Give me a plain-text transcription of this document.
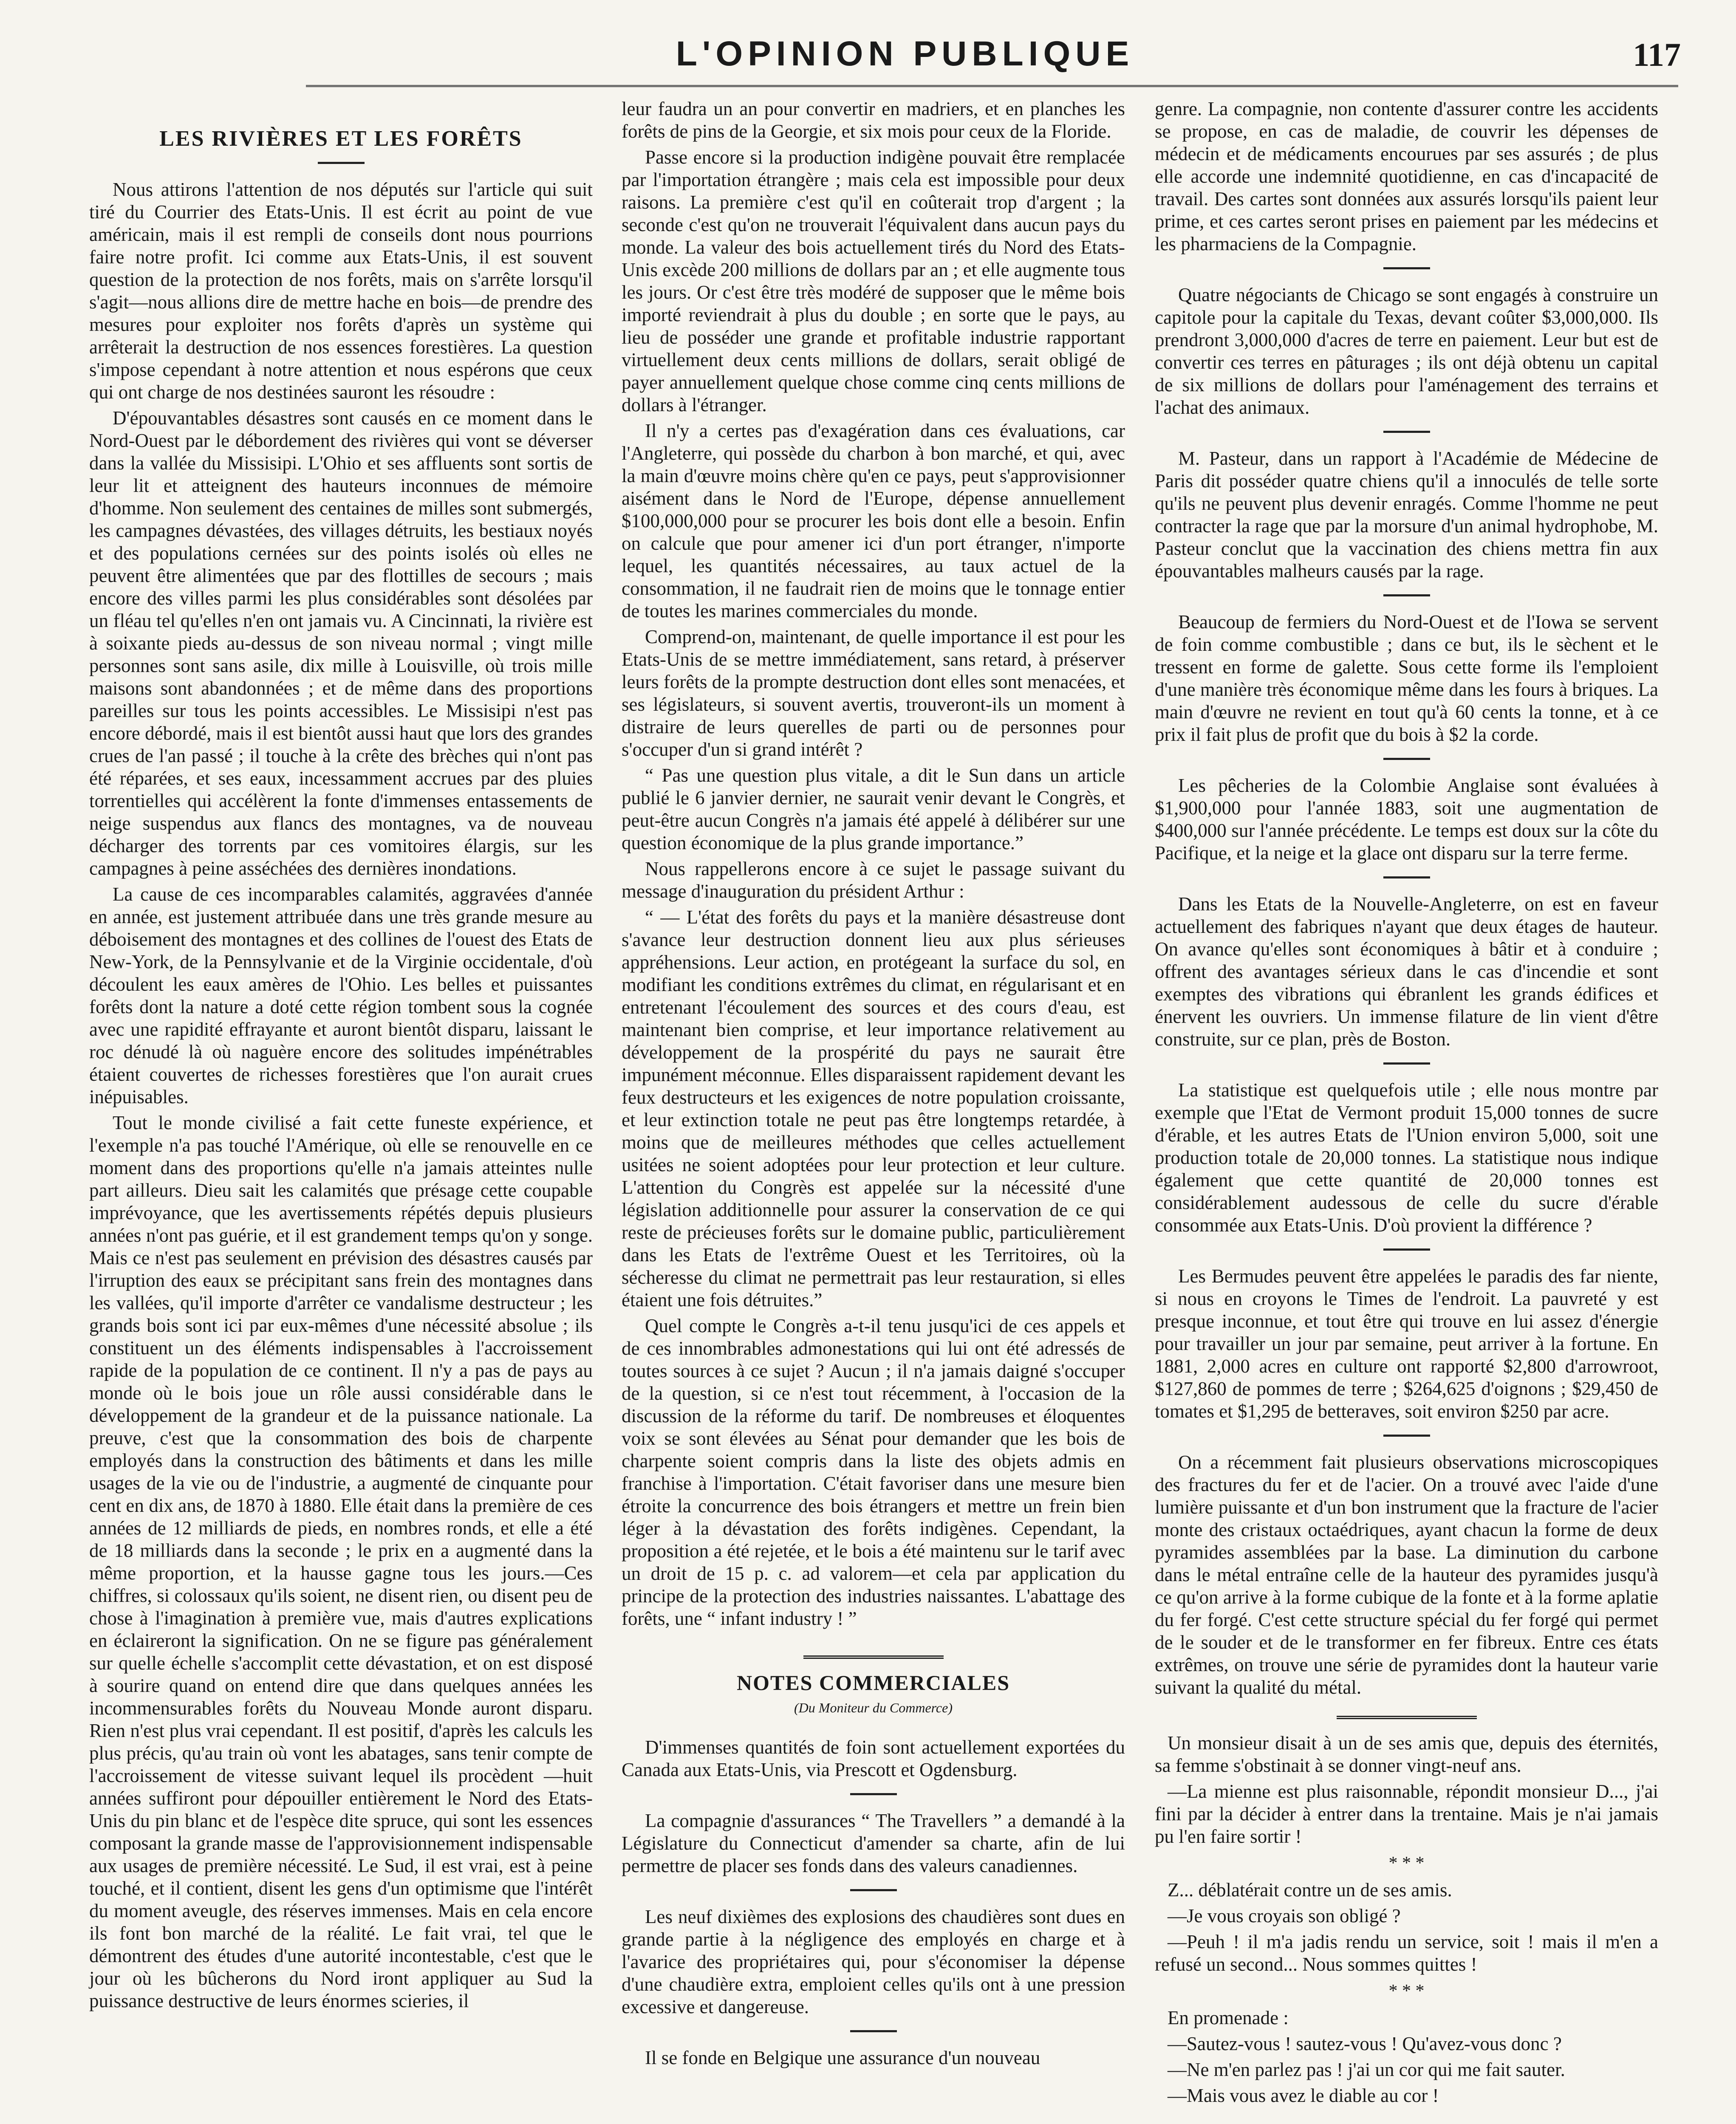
L'OPINION PUBLIQUE	117
LES RIVIÈRES ET LES FORÊTS

Nous attirons l'attention de nos députés sur l'article qui suit tiré du Courrier des Etats-Unis. Il est écrit au point de vue américain, mais il est rempli de conseils dont nous pourrions faire notre profit. Ici comme aux Etats-Unis, il est souvent question de la protection de nos forêts, mais on s'arrête lorsqu'il s'agit—nous allions dire de mettre hache en bois—de prendre des mesures pour exploiter nos forêts d'après un système qui arrêterait la destruction de nos essences forestières. La question s'impose cependant à notre attention et nous espérons que ceux qui ont charge de nos destinées sauront les résoudre :

D'épouvantables désastres sont causés en ce moment dans le Nord-Ouest par le débordement des rivières qui vont se déverser dans la vallée du Missisipi. L'Ohio et ses affluents sont sortis de leur lit et atteignent des hauteurs inconnues de mémoire d'homme. Non seulement des centaines de milles sont submergés, les campagnes dévastées, des villages détruits, les bestiaux noyés et des populations cernées sur des points isolés où elles ne peuvent être alimentées que par des flottilles de secours ; mais encore des villes parmi les plus considérables sont désolées par un fléau tel qu'elles n'en ont jamais vu. A Cincinnati, la rivière est à soixante pieds au-dessus de son niveau normal ; vingt mille personnes sont sans asile, dix mille à Louisville, où trois mille maisons sont abandonnées ; et de même dans des proportions pareilles sur tous les points accessibles. Le Missisipi n'est pas encore débordé, mais il est bientôt aussi haut que lors des grandes crues de l'an passé ; il touche à la crête des brèches qui n'ont pas été réparées, et ses eaux, incessamment accrues par des pluies torrentielles qui accélèrent la fonte d'immenses entassements de neige suspendus aux flancs des montagnes, va de nouveau décharger des torrents par ces vomitoires élargis, sur les campagnes à peine asséchées des dernières inondations.

La cause de ces incomparables calamités, aggravées d'année en année, est justement attribuée dans une très grande mesure au déboisement des montagnes et des collines de l'ouest des Etats de New-York, de la Pennsylvanie et de la Virginie occidentale, d'où découlent les eaux amères de l'Ohio. Les belles et puissantes forêts dont la nature a doté cette région tombent sous la cognée avec une rapidité effrayante et auront bientôt disparu, laissant le roc dénudé là où naguère encore des solitudes impénétrables étaient couvertes de richesses forestières que l'on aurait crues inépuisables.

Tout le monde civilisé a fait cette funeste expérience, et l'exemple n'a pas touché l'Amérique, où elle se renouvelle en ce moment dans des proportions qu'elle n'a jamais atteintes nulle part ailleurs. Dieu sait les calamités que présage cette coupable imprévoyance, que les avertissements répétés depuis plusieurs années n'ont pas guérie, et il est grandement temps qu'on y songe. Mais ce n'est pas seulement en prévision des désastres causés par l'irruption des eaux se précipitant sans frein des montagnes dans les vallées, qu'il importe d'arrêter ce vandalisme destructeur ; les grands bois sont ici par eux-mêmes d'une nécessité absolue ; ils constituent un des éléments indispensables à l'accroissement rapide de la population de ce continent. Il n'y a pas de pays au monde où le bois joue un rôle aussi considérable dans le développement de la grandeur et de la puissance nationale. La preuve, c'est que la consommation des bois de charpente employés dans la construction des bâtiments et dans les mille usages de la vie ou de l'industrie, a augmenté de cinquante pour cent en dix ans, de 1870 à 1880. Elle était dans la première de ces années de 12 milliards de pieds, en nombres ronds, et elle a été de 18 milliards dans la seconde ; le prix en a augmenté dans la même proportion, et la hausse gagne tous les jours.—Ces chiffres, si colossaux qu'ils soient, ne disent rien, ou disent peu de chose à l'imagination à première vue, mais d'autres explications en éclaireront la signification. On ne se figure pas généralement sur quelle échelle s'accomplit cette dévastation, et on est disposé à sourire quand on entend dire que dans quelques années les incommensurables forêts du Nouveau Monde auront disparu. Rien n'est plus vrai cependant. Il est positif, d'après les calculs les plus précis, qu'au train où vont les abatages, sans tenir compte de l'accroissement de vitesse suivant lequel ils procèdent —huit années suffiront pour dépouiller entièrement le Nord des Etats-Unis du pin blanc et de l'espèce dite spruce, qui sont les essences composant la grande masse de l'approvisionnement indispensable aux usages de première nécessité. Le Sud, il est vrai, est à peine touché, et il contient, disent les gens d'un optimisme que l'intérêt du moment aveugle, des réserves immenses. Mais en cela encore ils font bon marché de la réalité. Le fait vrai, tel que le démontrent des études d'une autorité incontestable, c'est que le jour où les bûcherons du Nord iront appliquer au Sud la puissance destructive de leurs énormes scieries, il

leur faudra un an pour convertir en madriers, et en planches les forêts de pins de la Georgie, et six mois pour ceux de la Floride.

Passe encore si la production indigène pouvait être remplacée par l'importation étrangère ; mais cela est impossible pour deux raisons. La première c'est qu'il en coûterait trop d'argent ; la seconde c'est qu'on ne trouverait l'équivalent dans aucun pays du monde. La valeur des bois actuellement tirés du Nord des Etats-Unis excède 200 millions de dollars par an ; et elle augmente tous les jours. Or c'est être très modéré de supposer que le même bois importé reviendrait à plus du double ; en sorte que le pays, au lieu de posséder une grande et profitable industrie rapportant virtuellement deux cents millions de dollars, serait obligé de payer annuellement quelque chose comme cinq cents millions de dollars à l'étranger.

Il n'y a certes pas d'exagération dans ces évaluations, car l'Angleterre, qui possède du charbon à bon marché, et qui, avec la main d'œuvre moins chère qu'en ce pays, peut s'approvisionner aisément dans le Nord de l'Europe, dépense annuellement $100,000,000 pour se procurer les bois dont elle a besoin. Enfin on calcule que pour amener ici d'un port étranger, n'importe lequel, les quantités nécessaires, au taux actuel de la consommation, il ne faudrait rien de moins que le tonnage entier de toutes les marines commerciales du monde.

Comprend-on, maintenant, de quelle importance il est pour les Etats-Unis de se mettre immédiatement, sans retard, à préserver leurs forêts de la prompte destruction dont elles sont menacées, et ses législateurs, si souvent avertis, trouveront-ils un moment à distraire de leurs querelles de parti ou de personnes pour s'occuper d'un si grand intérêt ?

“ Pas une question plus vitale, a dit le Sun dans un article publié le 6 janvier dernier, ne saurait venir devant le Congrès, et peut-être aucun Congrès n'a jamais été appelé à délibérer sur une question économique de la plus grande importance.”

Nous rappellerons encore à ce sujet le passage suivant du message d'inauguration du président Arthur :

“ — L'état des forêts du pays et la manière désastreuse dont s'avance leur destruction donnent lieu aux plus sérieuses appréhensions. Leur action, en protégeant la surface du sol, en modifiant les conditions extrêmes du climat, en régularisant et en entretenant l'écoulement des sources et des cours d'eau, est maintenant bien comprise, et leur importance relativement au développement de la prospérité du pays ne saurait être impunément méconnue. Elles disparaissent rapidement devant les feux destructeurs et les exigences de notre population croissante, et leur extinction totale ne peut pas être longtemps retardée, à moins que de meilleures méthodes que celles actuellement usitées ne soient adoptées pour leur protection et leur culture. L'attention du Congrès est appelée sur la nécessité d'une législation additionnelle pour assurer la conservation de ce qui reste de précieuses forêts sur le domaine public, particulièrement dans les Etats de l'extrême Ouest et les Territoires, où la sécheresse du climat ne permettrait pas leur restauration, si elles étaient une fois détruites.”

Quel compte le Congrès a-t-il tenu jusqu'ici de ces appels et de ces innombrables admonestations qui lui ont été adressés de toutes sources à ce sujet ? Aucun ; il n'a jamais daigné s'occuper de la question, si ce n'est tout récemment, à l'occasion de la discussion de la réforme du tarif. De nombreuses et éloquentes voix se sont élevées au Sénat pour demander que les bois de charpente soient compris dans la liste des objets admis en franchise à l'importation. C'était favoriser dans une mesure bien étroite la concurrence des bois étrangers et mettre un frein bien léger à la dévastation des forêts indigènes. Cependant, la proposition a été rejetée, et le bois a été maintenu sur le tarif avec un droit de 15 p. c. ad valorem—et cela par application du principe de la protection des industries naissantes. L'abattage des forêts, une “ infant industry ! ”

NOTES COMMERCIALES
(Du Moniteur du Commerce)

D'immenses quantités de foin sont actuellement exportées du Canada aux Etats-Unis, via Prescott et Ogdensburg.

La compagnie d'assurances “ The Travellers ” a demandé à la Législature du Connecticut d'amender sa charte, afin de lui permettre de placer ses fonds dans des valeurs canadiennes.

Les neuf dixièmes des explosions des chaudières sont dues en grande partie à la négligence des employés en charge et à l'avarice des propriétaires qui, pour s'économiser la dépense d'une chaudière extra, emploient celles qu'ils ont à une pression excessive et dangereuse.

Il se fonde en Belgique une assurance d'un nouveau

genre. La compagnie, non contente d'assurer contre les accidents se propose, en cas de maladie, de couvrir les dépenses de médecin et de médicaments encourues par ses assurés ; de plus elle accorde une indemnité quotidienne, en cas d'incapacité de travail. Des cartes sont données aux assurés lorsqu'ils paient leur prime, et ces cartes seront prises en paiement par les médecins et les pharmaciens de la Compagnie.

Quatre négociants de Chicago se sont engagés à construire un capitole pour la capitale du Texas, devant coûter $3,000,000. Ils prendront 3,000,000 d'acres de terre en paiement. Leur but est de convertir ces terres en pâturages ; ils ont déjà obtenu un capital de six millions de dollars pour l'aménagement des terrains et l'achat des animaux.

M. Pasteur, dans un rapport à l'Académie de Médecine de Paris dit posséder quatre chiens qu'il a innoculés de telle sorte qu'ils ne peuvent plus devenir enragés. Comme l'homme ne peut contracter la rage que par la morsure d'un animal hydrophobe, M. Pasteur conclut que la vaccination des chiens mettra fin aux épouvantables malheurs causés par la rage.

Beaucoup de fermiers du Nord-Ouest et de l'Iowa se servent de foin comme combustible ; dans ce but, ils le sèchent et le tressent en forme de galette. Sous cette forme ils l'emploient d'une manière très économique même dans les fours à briques. La main d'œuvre ne revient en tout qu'à 60 cents la tonne, et à ce prix il fait plus de profit que du bois à $2 la corde.

Les pêcheries de la Colombie Anglaise sont évaluées à $1,900,000 pour l'année 1883, soit une augmentation de $400,000 sur l'année précédente. Le temps est doux sur la côte du Pacifique, et la neige et la glace ont disparu sur la terre ferme.

Dans les Etats de la Nouvelle-Angleterre, on est en faveur actuellement des fabriques n'ayant que deux étages de hauteur. On avance qu'elles sont économiques à bâtir et à conduire ; offrent des avantages sérieux dans le cas d'incendie et sont exemptes des vibrations qui ébranlent les grands édifices et énervent les ouvriers. Un immense filature de lin vient d'être construite, sur ce plan, près de Boston.

La statistique est quelquefois utile ; elle nous montre par exemple que l'Etat de Vermont produit 15,000 tonnes de sucre d'érable, et les autres Etats de l'Union environ 5,000, soit une production totale de 20,000 tonnes. La statistique nous indique également que cette quantité de 20,000 tonnes est considérablement audessous de celle du sucre d'érable consommée aux Etats-Unis. D'où provient la différence ?

Les Bermudes peuvent être appelées le paradis des far niente, si nous en croyons le Times de l'endroit. La pauvreté y est presque inconnue, et tout être qui trouve en lui assez d'énergie pour travailler un jour par semaine, peut arriver à la fortune. En 1881, 2,000 acres en culture ont rapporté $2,800 d'arrowroot, $127,860 de pommes de terre ; $264,625 d'oignons ; $29,450 de tomates et $1,295 de betteraves, soit environ $250 par acre.

On a récemment fait plusieurs observations microscopiques des fractures du fer et de l'acier. On a trouvé avec l'aide d'une lumière puissante et d'un bon instrument que la fracture de l'acier monte des cristaux octaédriques, ayant chacun la forme de deux pyramides assemblées par la base. La diminution du carbone dans le métal entraîne celle de la hauteur des pyramides jusqu'à ce qu'on arrive à la forme cubique de la fonte et à la forme aplatie du fer forgé. C'est cette structure spécial du fer forgé qui permet de le souder et de le transformer en fer fibreux. Entre ces états extrêmes, on trouve une série de pyramides dont la hauteur varie suivant la qualité du métal.

Un monsieur disait à un de ses amis que, depuis des éternités, sa femme s'obstinait à se donner vingt-neuf ans.

—La mienne est plus raisonnable, répondit monsieur D..., j'ai fini par la décider à entrer dans la trentaine. Mais je n'ai jamais pu l'en faire sortir !

* * *

Z... déblatérait contre un de ses amis.

—Je vous croyais son obligé ?

—Peuh ! il m'a jadis rendu un service, soit ! mais il m'en a refusé un second... Nous sommes quittes !

* * *

En promenade :

—Sautez-vous ! sautez-vous ! Qu'avez-vous donc ?

—Ne m'en parlez pas ! j'ai un cor qui me fait sauter.

—Mais vous avez le diable au cor !
